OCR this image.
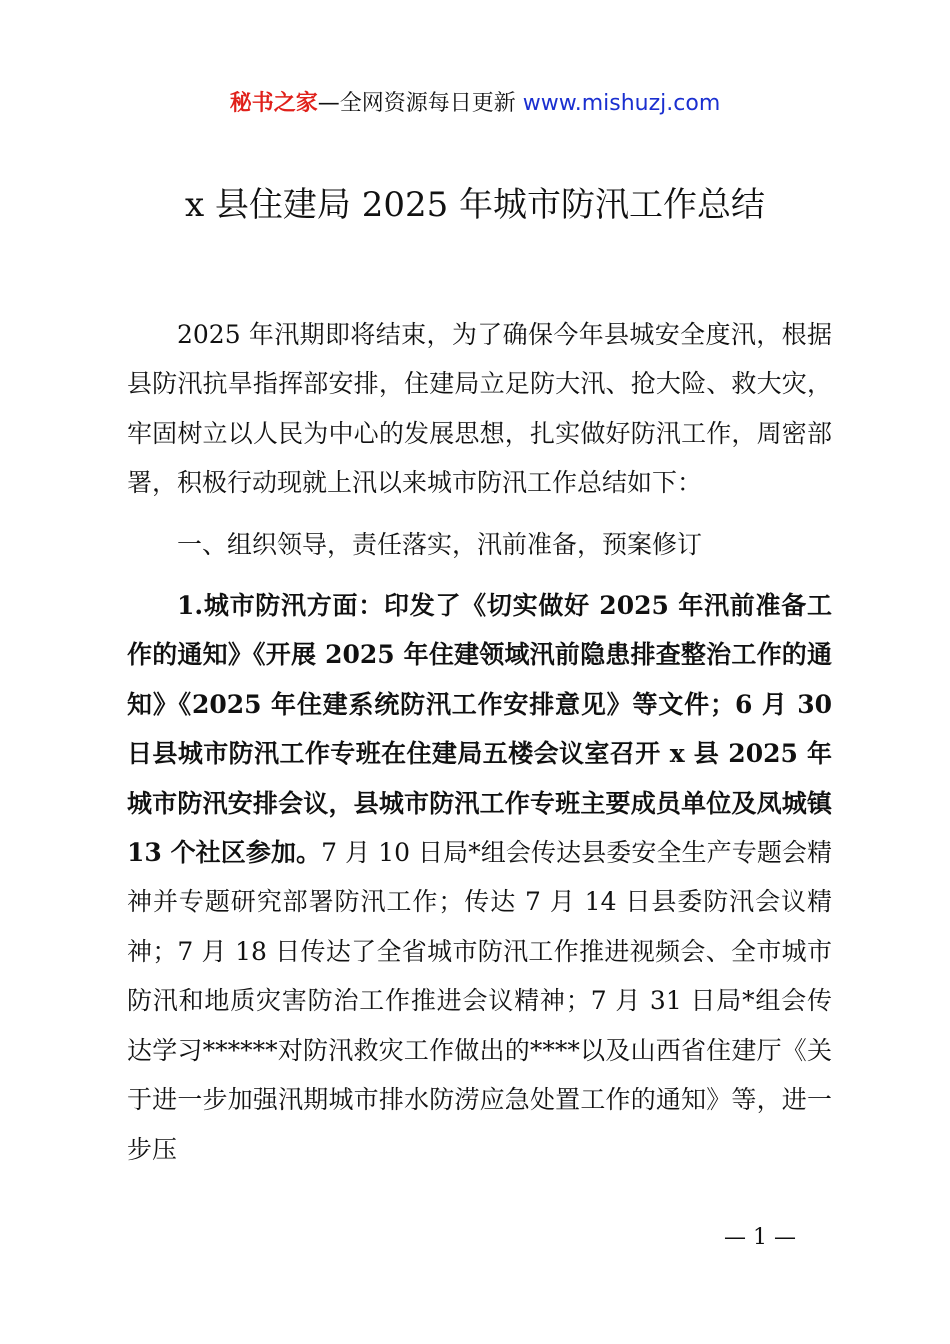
秘书之家—全网资源每日更新 www.mishuzj.com
x 县住建局 2025 年城市防汛工作总结

2025 年汛期即将结束，为了确保今年县城安全度汛，根据县防汛抗旱指挥部安排，住建局立足防大汛、抢大险、救大灾，牢固树立以人民为中心的发展思想，扎实做好防汛工作，周密部署，积极行动现就上汛以来城市防汛工作总结如下：

一、组织领导，责任落实，汛前准备，预案修订

1.城市防汛方面：印发了《切实做好 2025 年汛前准备工作的通知》《开展 2025 年住建领域汛前隐患排查整治工作的通知》《2025 年住建系统防汛工作安排意见》等文件；6 月 30 日县城市防汛工作专班在住建局五楼会议室召开 x 县 2025 年城市防汛安排会议，县城市防汛工作专班主要成员单位及凤城镇 13 个社区参加。7 月 10 日局*组会传达县委安全生产专题会精神并专题研究部署防汛工作；传达 7 月 14 日县委防汛会议精神；7 月 18 日传达了全省城市防汛工作推进视频会、全市城市防汛和地质灾害防治工作推进会议精神；7 月 31 日局*组会传达学习******对防汛救灾工作做出的****以及山西省住建厅《关于进一步加强汛期城市排水防涝应急处置工作的通知》等，进一步压

— 1 —
